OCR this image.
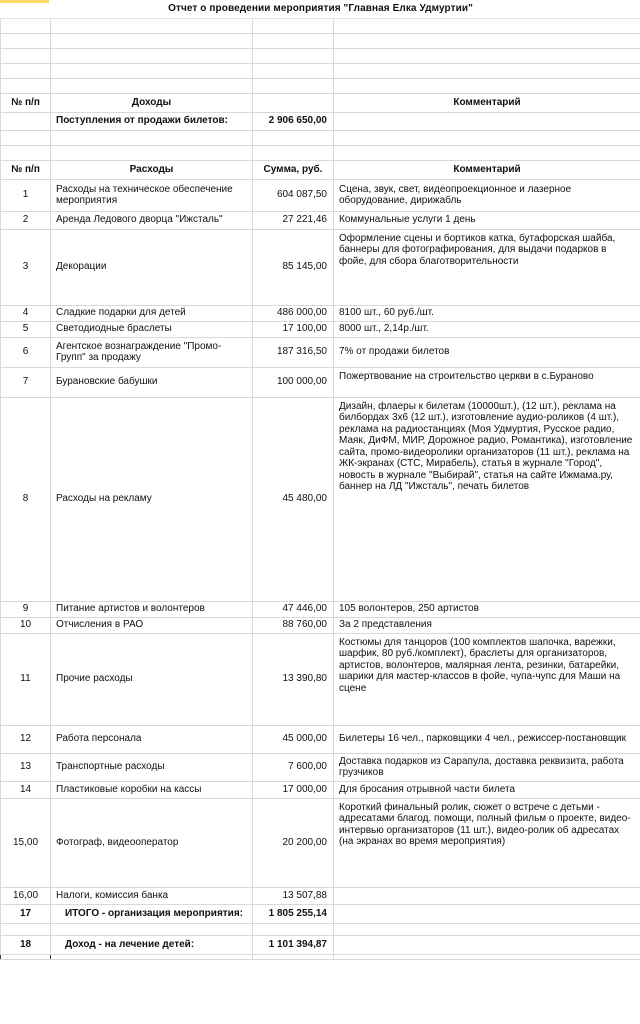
Отчет о проведении мероприятия "Главная Елка Удмуртии"			

№ п/п	Доходы		Комментарий
	Поступления от продажи билетов:	2 906 650,00	

№ п/п	Расходы	Сумма, руб.	Комментарий
1	Расходы на техническое обеспечение мероприятия	604 087,50	Сцена, звук, свет, видеопроекционное и лазерное оборудование, дирижабль
2	Аренда Ледового дворца "Ижсталь"	27 221,46	Коммунальные услуги 1 день
3	Декорации	85 145,00	Оформление сцены и бортиков катка, бутафорская шайба, баннеры для фотографирования, для выдачи подарков в фойе, для сбора благотворительности
4	Сладкие подарки для детей	486 000,00	8100 шт., 60 руб./шт.
5	Светодиодные браслеты	17 100,00	8000 шт., 2,14р./шт.
6	Агентское вознаграждение "Промо-Групп" за продажу	187 316,50	7% от продажи билетов
7	Бурановские бабушки	100 000,00	Пожертвование на строительство церкви в с.Бураново
8	Расходы на рекламу	45 480,00	Дизайн, флаеры к билетам (10000шт.), (12 шт.), реклама на билбордах 3х6 (12 шт.), изготовление аудио-роликов (4 шт.), реклама на радиостанциях (Моя Удмуртия, Русское радио, Маяк, ДиФМ, МИР, Дорожное радио, Романтика), изготовление сайта, промо-видеоролики организаторов (11 шт.), реклама на ЖК-экранах (СТС, Мирабель), статья в журнале "Город", новость в журнале "Выбирай", статья на сайте Ижмама.ру, баннер на ЛД "Ижсталь", печать билетов
9	Питание артистов и волонтеров	47 446,00	105 волонтеров, 250 артистов
10	Отчисления в РАО	88 760,00	За 2 представления
11	Прочие расходы	13 390,80	Костюмы для танцоров (100 комплектов шапочка, варежки, шарфик, 80 руб./комплект), браслеты для организаторов, артистов, волонтеров, малярная лента, резинки, батарейки, шарики для мастер-классов в фойе, чупа-чупс для Маши на сцене
12	Работа персонала	45 000,00	Билетеры 16 чел., парковщики 4 чел., режиссер-постановщик
13	Транспортные расходы	7 600,00	Доставка подарков из Сарапула, доставка реквизита, работа грузчиков
14	Пластиковые коробки на кассы	17 000,00	Для бросания отрывной части билета
15,00	Фотограф, видеооператор	20 200,00	Короткий финальный ролик, сюжет о встрече с детьми - адресатами благод. помощи, полный фильм о проекте, видео-интервью организаторов (11 шт.), видео-ролик об адресатах (на экранах во время мероприятия)
16,00	Налоги, комиссия банка	13 507,88	
17	ИТОГО - организация мероприятия:	1 805 255,14	

18	Доход - на лечение детей:	1 101 394,87	
